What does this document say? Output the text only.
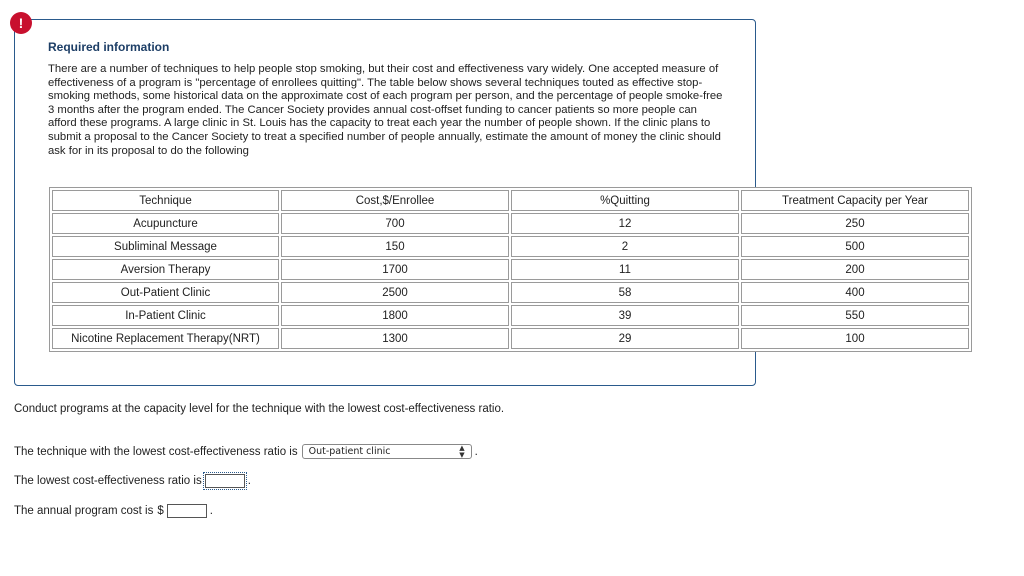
!
Required information
There are a number of techniques to help people stop smoking, but their cost and effectiveness vary widely. One accepted measure of effectiveness of a program is "percentage of enrollees quitting". The table below shows several techniques touted as effective stop-smoking methods, some historical data on the approximate cost of each program per person, and the percentage of people smoke-free 3 months after the program ended. The Cancer Society provides annual cost-offset funding to cancer patients so more people can afford these programs. A large clinic in St. Louis has the capacity to treat each year the number of people shown. If the clinic plans to submit a proposal to the Cancer Society to treat a specified number of people annually, estimate the amount of money the clinic should ask for in its proposal to do the following
Technique	Cost,$/Enrollee	%Quitting	Treatment Capacity per Year
Acupuncture	700	12	250
Subliminal Message	150	2	500
Aversion Therapy	1700	11	200
Out-Patient Clinic	2500	58	400
In-Patient Clinic	1800	39	550
Nicotine Replacement Therapy(NRT)	1300	29	100
Conduct programs at the capacity level for the technique with the lowest cost-effectiveness ratio.
The technique with the lowest cost-effectiveness ratio is Out-patient clinic	▲
▼ .
The lowest cost-effectiveness ratio is	.
The annual program cost is $	.
